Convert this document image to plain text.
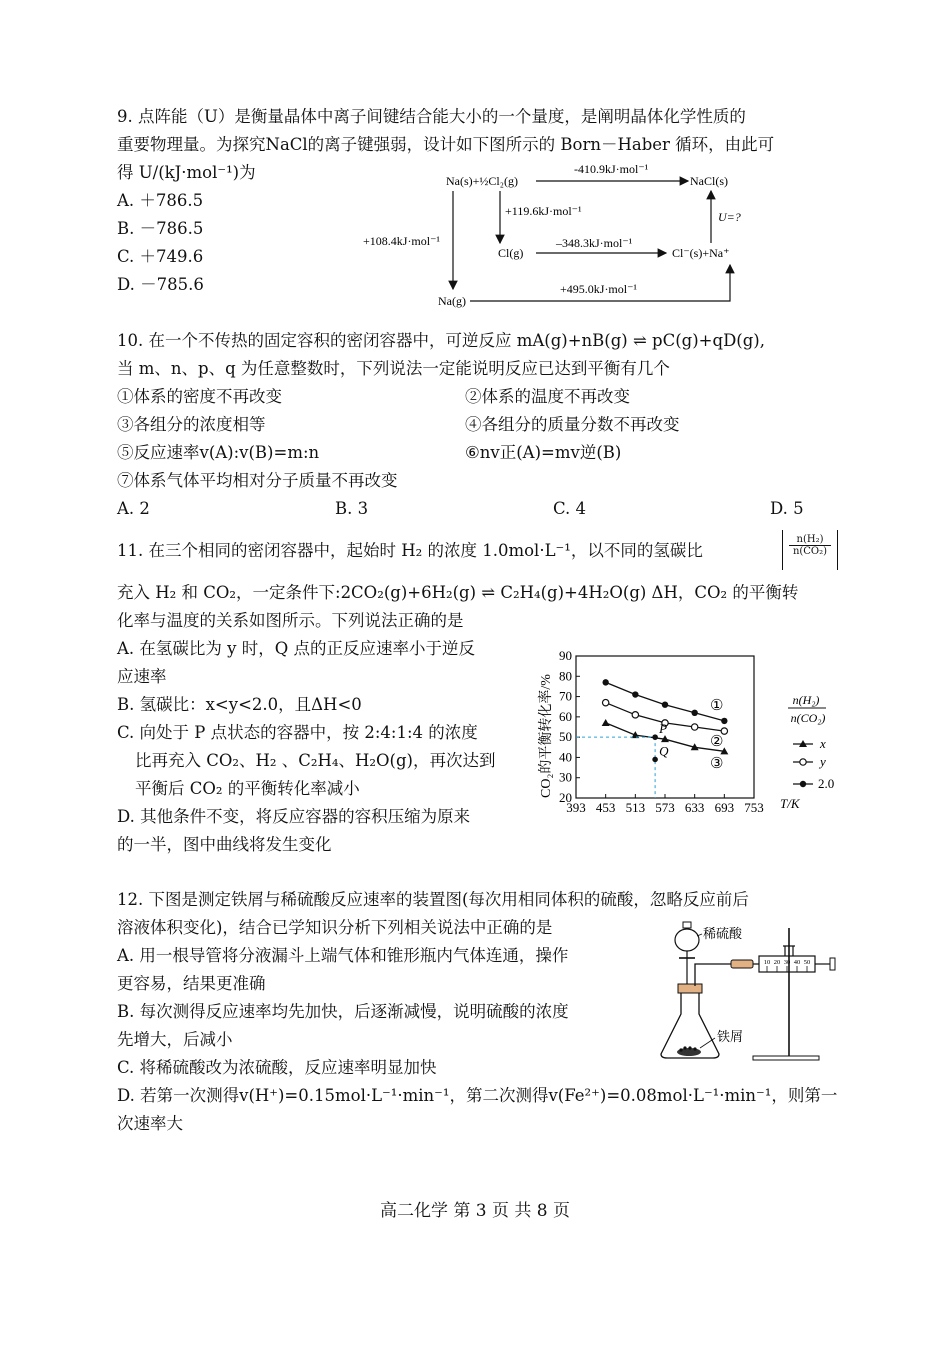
9. 点阵能（U）是衡量晶体中离子间键结合能大小的一个量度，是阐明晶体化学性质的
重要物理量。为探究NaCl的离子键强弱，设计如下图所示的 Born－Haber 循环，由此可
得 U/(kJ·mol⁻¹)为
A. ＋786.5
B. －786.5
C. ＋749.6
D. －785.6
Na(s)+½Cl₂(g)	NaCl(s)
Cl(g)	Cl⁻(s)+Na⁺
Na(g)
-410.9kJ·mol⁻¹
+119.6kJ·mol⁻¹
+108.4kJ·mol⁻¹	–348.3kJ·mol⁻¹
+495.0kJ·mol⁻¹
U=?
10. 在一个不传热的固定容积的密闭容器中，可逆反应 mA(g)+nB(g) ⇌ pC(g)+qD(g),
当 m、n、p、q 为任意整数时，下列说法一定能说明反应已达到平衡有几个
①体系的密度不再改变	②体系的温度不再改变
③各组分的浓度相等	④各组分的质量分数不再改变
⑤反应速率v(A):v(B)=m:n	⑥nv正(A)=mv逆(B)
⑦体系气体平均相对分子质量不再改变
A. 2	B. 3	C. 4	D. 5
11. 在三个相同的密闭容器中，起始时 H₂ 的浓度 1.0mol·L⁻¹，以不同的氢碳比	$\frac{\text{n(H₂)}}{\text{n(CO₂)}}$
充入 H₂ 和 CO₂，一定条件下:2CO₂(g)+6H₂(g) ⇌ C₂H₄(g)+4H₂O(g) ΔH，CO₂ 的平衡转
化率与温度的关系如图所示。下列说法正确的是
A. 在氢碳比为 y 时，Q 点的正反应速率小于逆反
应速率
B. 氢碳比：x<y<2.0，且ΔH<0
C. 向处于 P 点状态的容器中，按 2:4:1:4 的浓度
比再充入 CO₂、H₂ 、C₂H₄、H₂O(g)，再次达到
平衡后 CO₂ 的平衡转化率减小
D. 其他条件不变，将反应容器的容积压缩为原来
的一半，图中曲线将发生变化
CO₂的平衡转化率/% 20
30
40
50
60
70
80
90
393 453 513 573 633 693 753
P
Q
①
②
③
T/K
n(H₂)
n(CO₂)
x
y
2.0
12. 下图是测定铁屑与稀硫酸反应速率的装置图(每次用相同体积的硫酸，忽略反应前后
溶液体积变化)，结合已学知识分析下列相关说法中正确的是
A. 用一根导管将分液漏斗上端气体和锥形瓶内气体连通，操作
更容易，结果更准确
B. 每次测得反应速率均先加快，后逐渐减慢，说明硫酸的浓度
先增大，后减小
C. 将稀硫酸改为浓硫酸，反应速率明显加快
D. 若第一次测得v(H⁺)=0.15mol·L⁻¹·min⁻¹，第二次测得v(Fe²⁺)=0.08mol·L⁻¹·min⁻¹，则第一
次速率大
稀硫酸
铁屑
10 20 30 40 50
高二化学 第 3 页 共 8 页
